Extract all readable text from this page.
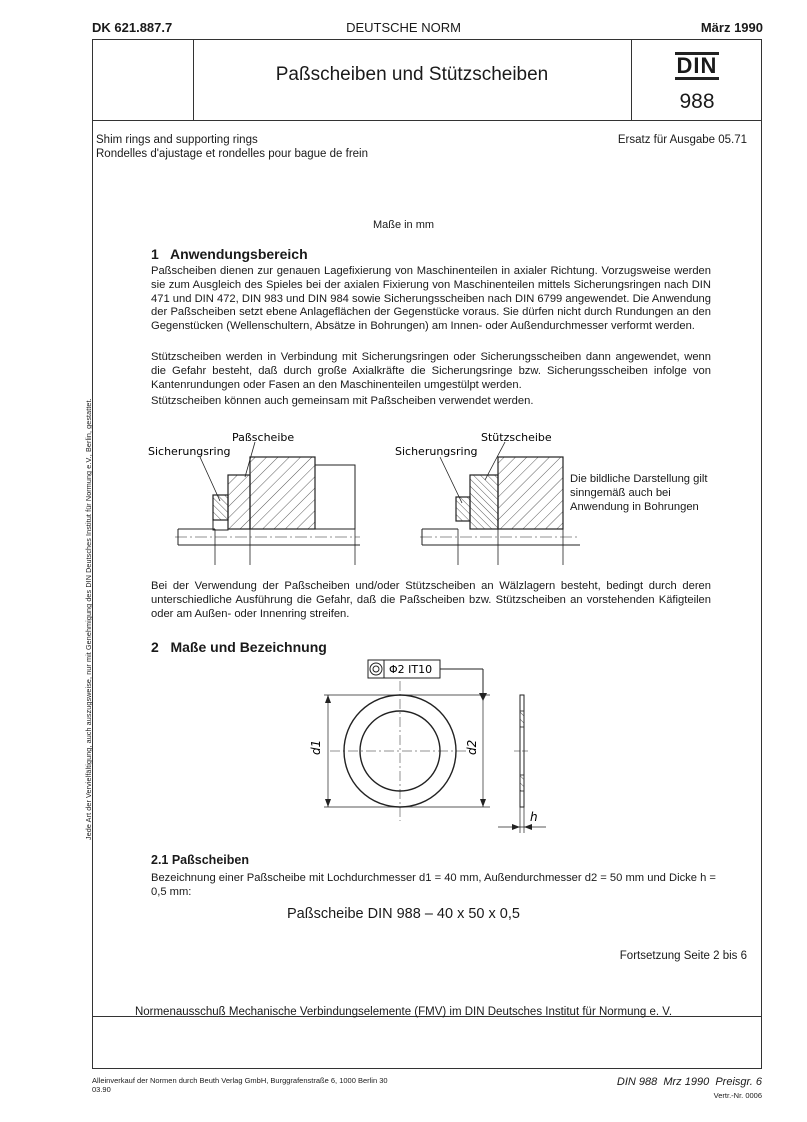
DK 621.887.7	DEUTSCHE NORM	März 1990
Jede Art der Vervielfältigung, auch auszugsweise, nur mit Genehmigung des DIN Deutsches Institut für Normung e.V., Berlin, gestattet.
Paßscheiben und Stützscheiben	DIN
988
Shim rings and supporting rings
Rondelles d'ajustage et rondelles pour bague de frein
Ersatz für Ausgabe 05.71
Maße in mm
1 Anwendungsbereich
Paßscheiben dienen zur genauen Lagefixierung von Maschinenteilen in axialer Richtung. Vorzugsweise werden sie zum Ausgleich des Spieles bei der axialen Fixierung von Maschinenteilen mittels Sicherungsringen nach DIN 471 und DIN 472, DIN 983 und DIN 984 sowie Sicherungsscheiben nach DIN 6799 angewendet. Die Anwendung der Paßscheiben setzt ebene Anlageflächen der Gegenstücke voraus. Sie dürfen nicht durch Rundungen an den Gegenstücken (Wellenschultern, Absätze in Bohrungen) am Innen- oder Außendurchmesser verformt werden.
Stützscheiben werden in Verbindung mit Sicherungsringen oder Sicherungsscheiben dann angewendet, wenn die Gefahr besteht, daß durch große Axialkräfte die Sicherungsringe bzw. Sicherungsscheiben infolge von Kantenrundungen oder Fasen an den Maschinenteilen umgestülpt werden.
Stützscheiben können auch gemeinsam mit Paßscheiben verwendet werden.
Paßscheibe
Sicherungsring
Stützscheibe
Sicherungsring
Die bildliche Darstellung gilt sinngemäß auch bei Anwendung in Bohrungen
Bei der Verwendung der Paßscheiben und/oder Stützscheiben an Wälzlagern besteht, bedingt durch deren unterschiedliche Ausführung die Gefahr, daß die Paßscheiben bzw. Stützscheiben an vorstehenden Käfigteilen oder am Außen- oder Innenring streifen.
2 Maße und Bezeichnung
Φ2 IT10
d1	d2
h
2.1 Paßscheiben
Bezeichnung einer Paßscheibe mit Lochdurchmesser d1 = 40 mm, Außendurchmesser d2 = 50 mm und Dicke h = 0,5 mm:
Paßscheibe DIN 988 – 40 x 50 x 0,5
Fortsetzung Seite 2 bis 6
Normenausschuß Mechanische Verbindungselemente (FMV) im DIN Deutsches Institut für Normung e. V.
Alleinverkauf der Normen durch Beuth Verlag GmbH, Burggrafenstraße 6, 1000 Berlin 30
03.90
DIN 988  Mrz 1990  Preisgr. 6
Vertr.-Nr. 0006
